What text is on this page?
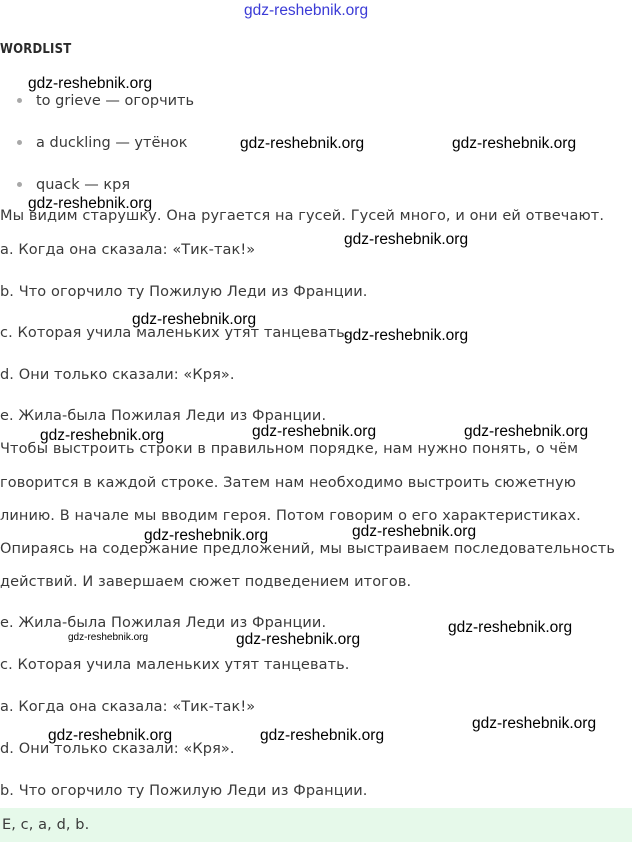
gdz-reshebnik.org
WORDLIST
to grieve — огорчить
a duckling — утёнок
quack — кря
Мы видим старушку. Она ругается на гусей. Гусей много, и они ей отвечают.
a. Когда она сказала: «Тик-так!»
b. Что огорчило ту Пожилую Леди из Франции.
c. Которая учила маленьких утят танцевать.
d. Они только сказали: «Кря».
e. Жила-была Пожилая Леди из Франции.
Чтобы выстроить строки в правильном порядке, нам нужно понять, о чём
говорится в каждой строке. Затем нам необходимо выстроить сюжетную
линию. В начале мы вводим героя. Потом говорим о его характеристиках.
Опираясь на содержание предложений, мы выстраиваем последовательность
действий. И завершаем сюжет подведением итогов.
e. Жила-была Пожилая Леди из Франции.
c. Которая учила маленьких утят танцевать.
a. Когда она сказала: «Тик-так!»
d. Они только сказали: «Кря».
b. Что огорчило ту Пожилую Леди из Франции.
E, c, a, d, b.
gdz-reshebnik.org
gdz-reshebnik.org	gdz-reshebnik.org
gdz-reshebnik.org
gdz-reshebnik.org
gdz-reshebnik.org
gdz-reshebnik.org
gdz-reshebnik.org	gdz-reshebnik.org	gdz-reshebnik.org
gdz-reshebnik.org	gdz-reshebnik.org
gdz-reshebnik.org	gdz-reshebnik.org
gdz-reshebnik.org
gdz-reshebnik.org
gdz-reshebnik.org	gdz-reshebnik.org
